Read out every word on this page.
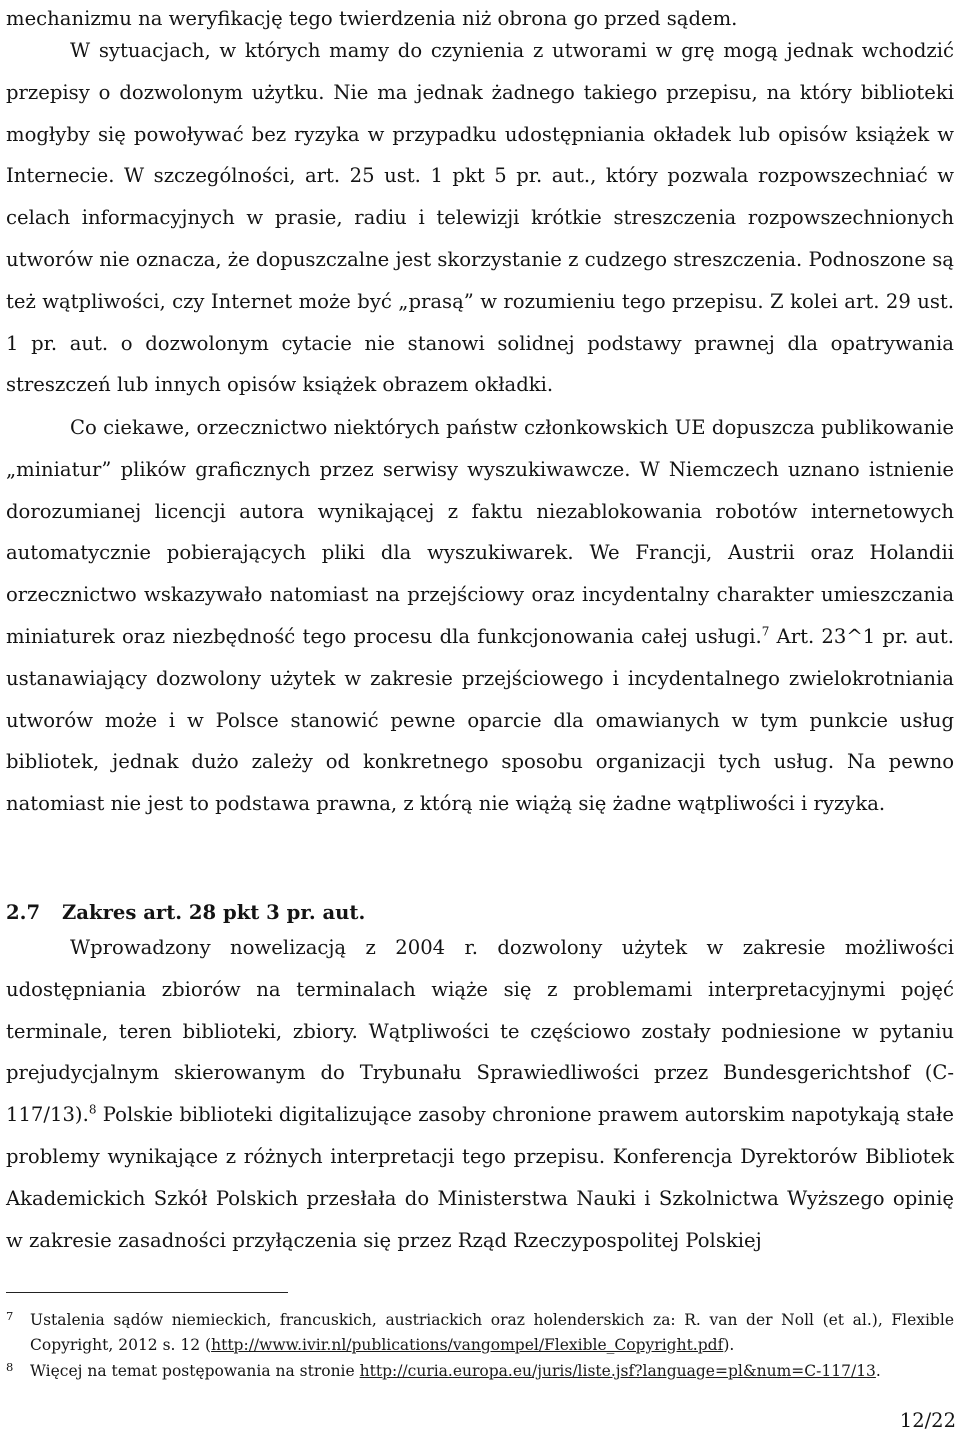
mechanizmu na weryfikację tego twierdzenia niż obrona go przed sądem.

W sytuacjach, w których mamy do czynienia z utworami w grę mogą jednak wchodzić przepisy o dozwolonym użytku. Nie ma jednak żadnego takiego przepisu, na który biblioteki mogłyby się powoływać bez ryzyka w przypadku udostępniania okładek lub opisów książek w Internecie. W szczególności, art. 25 ust. 1 pkt 5 pr. aut., który pozwala rozpowszechniać w celach informacyjnych w prasie, radiu i telewizji krótkie streszczenia rozpowszechnionych utworów nie oznacza, że dopuszczalne jest skorzystanie z cudzego streszczenia. Podnoszone są też wątpliwości, czy Internet może być „prasą” w rozumieniu tego przepisu. Z kolei art. 29 ust. 1 pr. aut. o dozwolonym cytacie nie stanowi solidnej podstawy prawnej dla opatrywania streszczeń lub innych opisów książek obrazem okładki.

Co ciekawe, orzecznictwo niektórych państw członkowskich UE dopuszcza publikowanie „miniatur” plików graficznych przez serwisy wyszukiwawcze. W Niemczech uznano istnienie dorozumianej licencji autora wynikającej z faktu niezablokowania robotów internetowych automatycznie pobierających pliki dla wyszukiwarek. We Francji, Austrii oraz Holandii orzecznictwo wskazywało natomiast na przejściowy oraz incydentalny charakter umieszczania miniaturek oraz niezbędność tego procesu dla funkcjonowania całej usługi.$^7$ Art. 23^1 pr. aut. ustanawiający dozwolony użytek w zakresie przejściowego i incydentalnego zwielokrotniania utworów może i w Polsce stanowić pewne oparcie dla omawianych w tym punkcie usług bibliotek, jednak dużo zależy od konkretnego sposobu organizacji tych usług. Na pewno natomiast nie jest to podstawa prawna, z którą nie wiążą się żadne wątpliwości i ryzyka.

2.7 Zakres art. 28 pkt 3 pr. aut.

Wprowadzony nowelizacją z 2004 r. dozwolony użytek w zakresie możliwości udostępniania zbiorów na terminalach wiąże się z problemami interpretacyjnymi pojęć terminale, teren biblioteki, zbiory. Wątpliwości te częściowo zostały podniesione w pytaniu prejudycjalnym skierowanym do Trybunału Sprawiedliwości przez Bundesgerichtshof (C-117/13).$^8$ Polskie biblioteki digitalizujące zasoby chronione prawem autorskim napotykają stałe problemy wynikające z różnych interpretacji tego przepisu. Konferencja Dyrektorów Bibliotek Akademickich Szkół Polskich przesłała do Ministerstwa Nauki i Szkolnictwa Wyższego opinię w zakresie zasadności przyłączenia się przez Rząd Rzeczypospolitej Polskiej

7 Ustalenia sądów niemieckich, francuskich, austriackich oraz holenderskich za: R. van der Noll (et al.), Flexible Copyright, 2012 s. 12 (http://www.ivir.nl/publications/vangompel/Flexible_Copyright.pdf).

8 Więcej na temat postępowania na stronie http://curia.europa.eu/juris/liste.jsf?language=pl&num=C-117/13.

12/22
